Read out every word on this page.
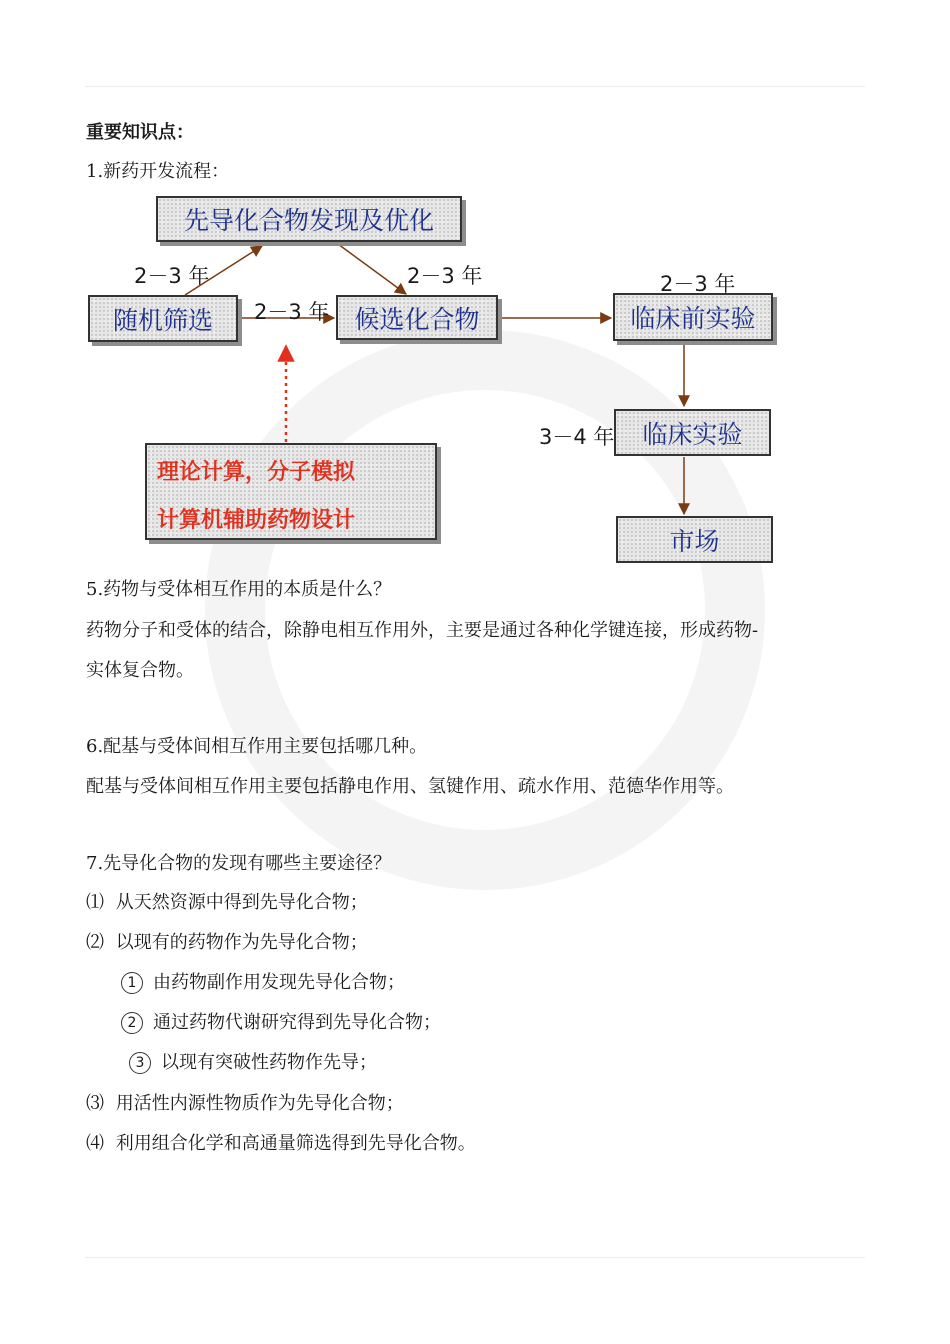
重要知识点：
1.新药开发流程：
先导化合物发现及优化
随机筛选	候选化合物	临床前实验
临床实验
市场
理论计算，分子模拟
计算机辅助药物设计
2－3 年	2－3 年
2－3 年
2－3 年
3－4 年
5.药物与受体相互作用的本质是什么？
药物分子和受体的结合，除静电相互作用外，主要是通过各种化学键连接，形成药物-
实体复合物。
6.配基与受体间相互作用主要包括哪几种。
配基与受体间相互作用主要包括静电作用、氢键作用、疏水作用、范德华作用等。
7.先导化合物的发现有哪些主要途径？
⑴ 从天然资源中得到先导化合物；
⑵ 以现有的药物作为先导化合物；
1 由药物副作用发现先导化合物；
2 通过药物代谢研究得到先导化合物；
3 以现有突破性药物作先导；
⑶ 用活性内源性物质作为先导化合物；
⑷ 利用组合化学和高通量筛选得到先导化合物。
